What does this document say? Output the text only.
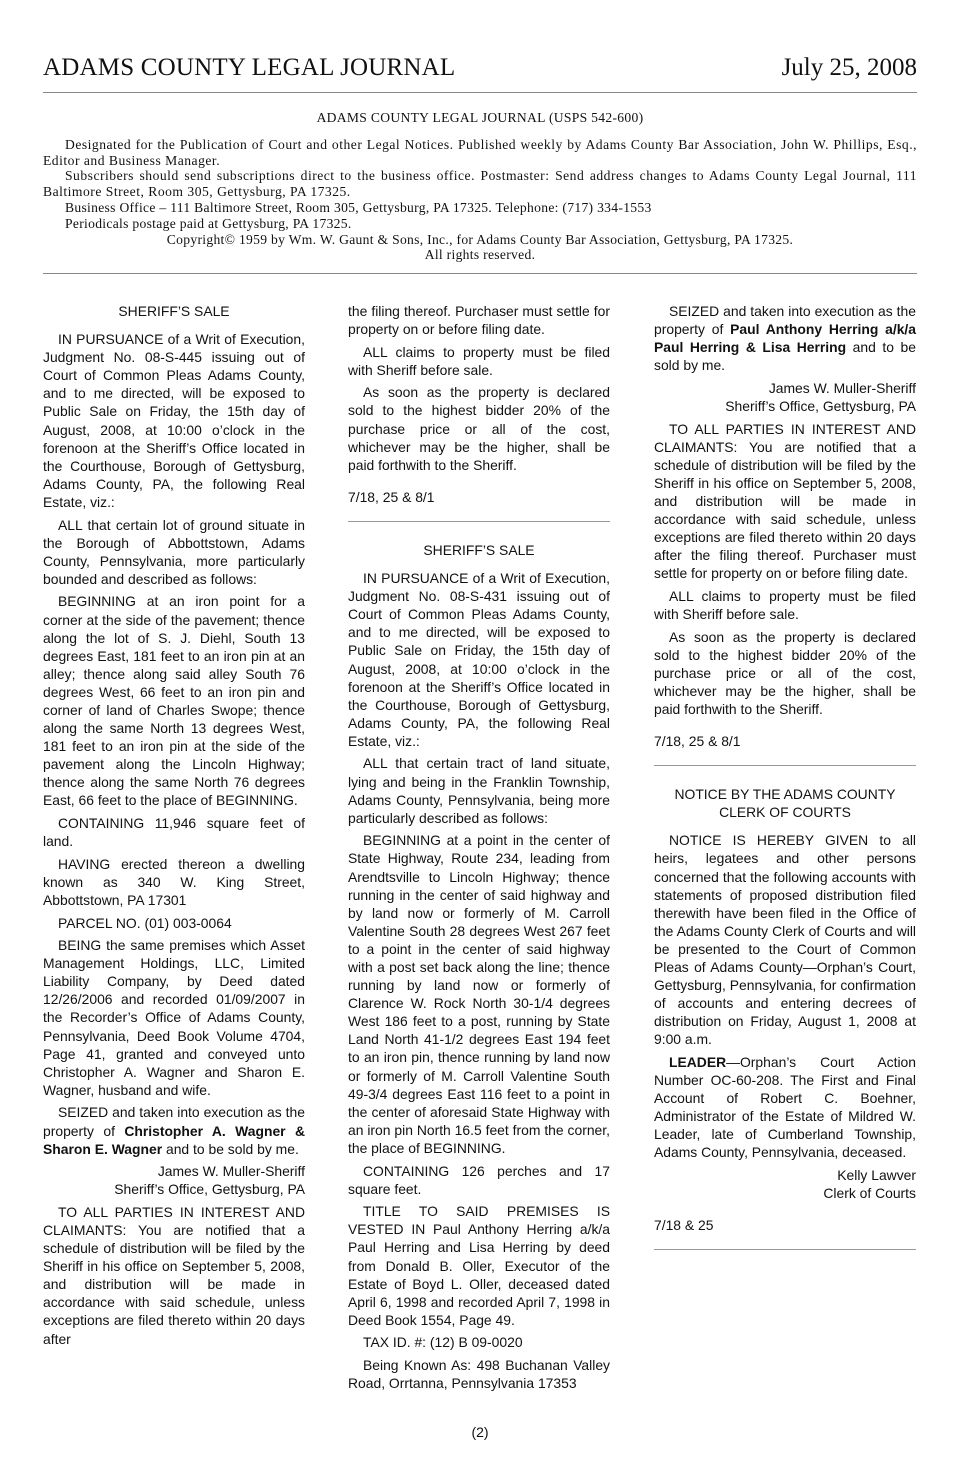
ADAMS COUNTY LEGAL JOURNAL	July 25, 2008

ADAMS COUNTY LEGAL JOURNAL (USPS 542-600)

Designated for the Publication of Court and other Legal Notices. Published weekly by Adams County Bar Association, John W. Phillips, Esq., Editor and Business Manager.

Subscribers should send subscriptions direct to the business office. Postmaster: Send address changes to Adams County Legal Journal, 111 Baltimore Street, Room 305, Gettysburg, PA 17325.

Business Office – 111 Baltimore Street, Room 305, Gettysburg, PA 17325. Telephone: (717) 334-1553

Periodicals postage paid at Gettysburg, PA 17325.

Copyright© 1959 by Wm. W. Gaunt & Sons, Inc., for Adams County Bar Association, Gettysburg, PA 17325.

All rights reserved.

SHERIFF’S SALE

IN PURSUANCE of a Writ of Execution, Judgment No. 08-S-445 issuing out of Court of Common Pleas Adams County, and to me directed, will be exposed to Public Sale on Friday, the 15th day of August, 2008, at 10:00 o’clock in the forenoon at the Sheriff’s Office located in the Courthouse, Borough of Gettysburg, Adams County, PA, the following Real Estate, viz.:

ALL that certain lot of ground situate in the Borough of Abbottstown, Adams County, Pennsylvania, more particularly bounded and described as follows:

BEGINNING at an iron point for a corner at the side of the pavement; thence along the lot of S. J. Diehl, South 13 degrees East, 181 feet to an iron pin at an alley; thence along said alley South 76 degrees West, 66 feet to an iron pin and corner of land of Charles Swope; thence along the same North 13 degrees West, 181 feet to an iron pin at the side of the pavement along the Lincoln Highway; thence along the same North 76 degrees East, 66 feet to the place of BEGINNING.

CONTAINING 11,946 square feet of land.

HAVING erected thereon a dwelling known as 340 W. King Street, Abbottstown, PA 17301

PARCEL NO. (01) 003-0064

BEING the same premises which Asset Management Holdings, LLC, Limited Liability Company, by Deed dated 12/26/2006 and recorded 01/09/2007 in the Recorder’s Office of Adams County, Pennsylvania, Deed Book Volume 4704, Page 41, granted and conveyed unto Christopher A. Wagner and Sharon E. Wagner, husband and wife.

SEIZED and taken into execution as the property of Christopher A. Wagner & Sharon E. Wagner and to be sold by me.

James W. Muller-Sheriff

Sheriff’s Office, Gettysburg, PA

TO ALL PARTIES IN INTEREST AND CLAIMANTS: You are notified that a schedule of distribution will be filed by the Sheriff in his office on September 5, 2008, and distribution will be made in accordance with said schedule, unless exceptions are filed thereto within 20 days after

the filing thereof. Purchaser must settle for property on or before filing date.

ALL claims to property must be filed with Sheriff before sale.

As soon as the property is declared sold to the highest bidder 20% of the purchase price or all of the cost, whichever may be the higher, shall be paid forthwith to the Sheriff.

7/18, 25 & 8/1

SHERIFF’S SALE

IN PURSUANCE of a Writ of Execution, Judgment No. 08-S-431 issuing out of Court of Common Pleas Adams County, and to me directed, will be exposed to Public Sale on Friday, the 15th day of August, 2008, at 10:00 o’clock in the forenoon at the Sheriff’s Office located in the Courthouse, Borough of Gettysburg, Adams County, PA, the following Real Estate, viz.:

ALL that certain tract of land situate, lying and being in the Franklin Township, Adams County, Pennsylvania, being more particularly described as follows:

BEGINNING at a point in the center of State Highway, Route 234, leading from Arendtsville to Lincoln Highway; thence running in the center of said highway and by land now or formerly of M. Carroll Valentine South 28 degrees West 267 feet to a point in the center of said highway with a post set back along the line; thence running by land now or formerly of Clarence W. Rock North 30-1/4 degrees West 186 feet to a post, running by State Land North 41-1/2 degrees East 194 feet to an iron pin, thence running by land now or formerly of M. Carroll Valentine South 49-3/4 degrees East 116 feet to a point in the center of aforesaid State Highway with an iron pin North 16.5 feet from the corner, the place of BEGINNING.

CONTAINING 126 perches and 17 square feet.

TITLE TO SAID PREMISES IS VESTED IN Paul Anthony Herring a/k/a Paul Herring and Lisa Herring by deed from Donald B. Oller, Executor of the Estate of Boyd L. Oller, deceased dated April 6, 1998 and recorded April 7, 1998 in Deed Book 1554, Page 49.

TAX ID. #: (12) B 09-0020

Being Known As: 498 Buchanan Valley Road, Orrtanna, Pennsylvania 17353

SEIZED and taken into execution as the property of Paul Anthony Herring a/k/a Paul Herring & Lisa Herring and to be sold by me.

James W. Muller-Sheriff

Sheriff’s Office, Gettysburg, PA

TO ALL PARTIES IN INTEREST AND CLAIMANTS: You are notified that a schedule of distribution will be filed by the Sheriff in his office on September 5, 2008, and distribution will be made in accordance with said schedule, unless exceptions are filed thereto within 20 days after the filing thereof. Purchaser must settle for property on or before filing date.

ALL claims to property must be filed with Sheriff before sale.

As soon as the property is declared sold to the highest bidder 20% of the purchase price or all of the cost, whichever may be the higher, shall be paid forthwith to the Sheriff.

7/18, 25 & 8/1

NOTICE BY THE ADAMS COUNTY
CLERK OF COURTS

NOTICE IS HEREBY GIVEN to all heirs, legatees and other persons concerned that the following accounts with statements of proposed distribution filed therewith have been filed in the Office of the Adams County Clerk of Courts and will be presented to the Court of Common Pleas of Adams County—Orphan’s Court, Gettysburg, Pennsylvania, for confirmation of accounts and entering decrees of distribution on Friday, August 1, 2008 at 9:00 a.m.

LEADER—Orphan’s Court Action Number OC-60-208. The First and Final Account of Robert C. Boehner, Administrator of the Estate of Mildred W. Leader, late of Cumberland Township, Adams County, Pennsylvania, deceased.

Kelly Lawver

Clerk of Courts

7/18 & 25

(2)
